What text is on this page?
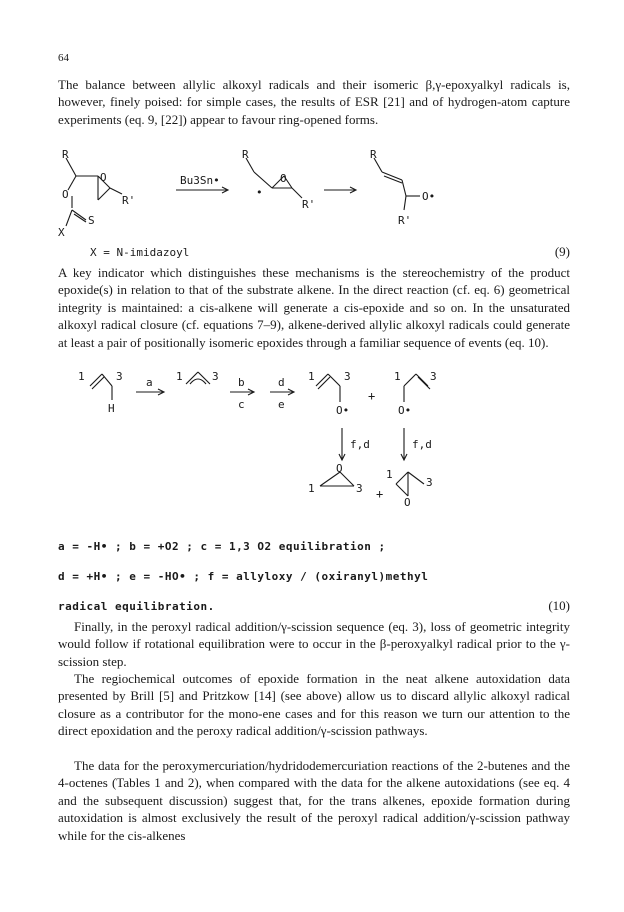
64

The balance between allylic alkoxyl radicals and their isomeric β,γ-epoxyalkyl radicals is, however, finely poised: for simple cases, the results of ESR [21] and of hydrogen-atom capture experiments (eq. 9, [22]) appear to favour ring-opened forms.

R
O
O	R'
S
X
Bu3Sn•
R
•
O
R'
R
O•
R'
X = N-imidazoyl	(9)

A key indicator which distinguishes these mechanisms is the stereochemistry of the product epoxide(s) in relation to that of the substrate alkene. In the direct reaction (cf. eq. 6) geometrical integrity is maintained: a cis-alkene will generate a cis-epoxide and so on. In the unsaturated alkoxyl radical closure (cf. equations 7–9), alkene-derived allylic alkoxyl radicals could generate at least a pair of positionally isomeric epoxides through a familiar sequence of events (eq. 10).

1	3
H
a 1	3 b
c
d
e
1	3
O•
+
1	3
O•
f,d	f,d
O
1	3 +
1
3
O
a = -H• ; b = +O2 ; c = 1,3 O2 equilibration ;
d = +H• ; e = -HO• ; f = allyloxy / (oxiranyl)methyl
radical equilibration.	(10)

Finally, in the peroxyl radical addition/γ-scission sequence (eq. 3), loss of geometric integrity would follow if rotational equilibration were to occur in the β-peroxyalkyl radical prior to the γ-scission step.

The regiochemical outcomes of epoxide formation in the neat alkene autoxidation data presented by Brill [5] and Pritzkow [14] (see above) allow us to discard allylic alkoxyl radical closure as a contributor for the mono-ene cases and for this reason we turn our attention to the direct epoxidation and the peroxy radical addition/γ-scission pathways.

The data for the peroxymercuriation/hydridodemercuriation reactions of the 2-butenes and the 4-octenes (Tables 1 and 2), when compared with the data for the alkene autoxidations (see eq. 4 and the subsequent discussion) suggest that, for the trans alkenes, epoxide formation during autoxidation is almost exclusively the result of the peroxyl radical addition/γ-scission pathway while for the cis-alkenes
